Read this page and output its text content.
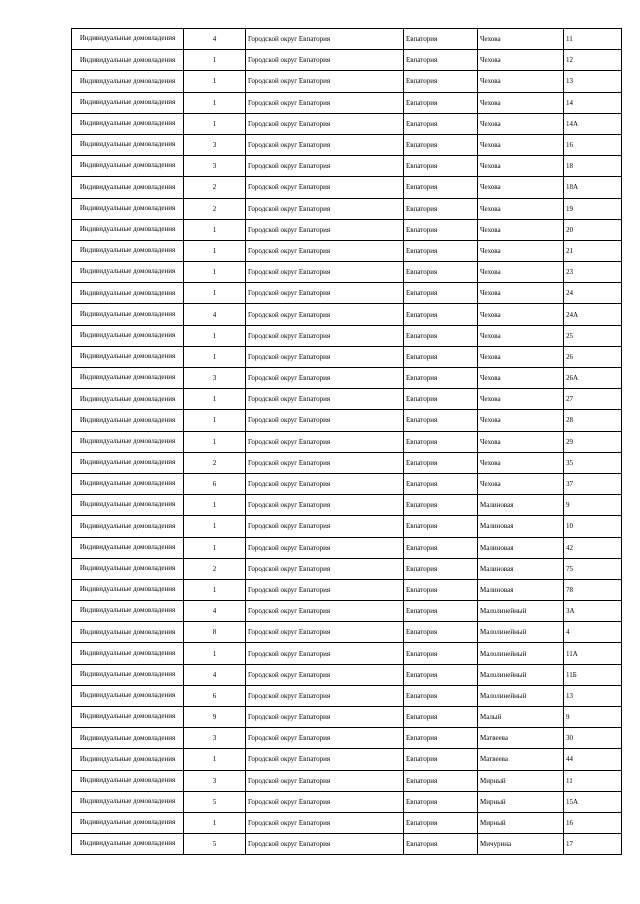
Индивидуальные домовладения	4	Городской округ Евпатория	Евпатория	Чехова	11
Индивидуальные домовладения	1	Городской округ Евпатория	Евпатория	Чехова	12
Индивидуальные домовладения	1	Городской округ Евпатория	Евпатория	Чехова	13
Индивидуальные домовладения	1	Городской округ Евпатория	Евпатория	Чехова	14
Индивидуальные домовладения	1	Городской округ Евпатория	Евпатория	Чехова	14А
Индивидуальные домовладения	3	Городской округ Евпатория	Евпатория	Чехова	16
Индивидуальные домовладения	3	Городской округ Евпатория	Евпатория	Чехова	18
Индивидуальные домовладения	2	Городской округ Евпатория	Евпатория	Чехова	18А
Индивидуальные домовладения	2	Городской округ Евпатория	Евпатория	Чехова	19
Индивидуальные домовладения	1	Городской округ Евпатория	Евпатория	Чехова	20
Индивидуальные домовладения	1	Городской округ Евпатория	Евпатория	Чехова	21
Индивидуальные домовладения	1	Городской округ Евпатория	Евпатория	Чехова	23
Индивидуальные домовладения	1	Городской округ Евпатория	Евпатория	Чехова	24
Индивидуальные домовладения	4	Городской округ Евпатория	Евпатория	Чехова	24А
Индивидуальные домовладения	1	Городской округ Евпатория	Евпатория	Чехова	25
Индивидуальные домовладения	1	Городской округ Евпатория	Евпатория	Чехова	26
Индивидуальные домовладения	3	Городской округ Евпатория	Евпатория	Чехова	26А
Индивидуальные домовладения	1	Городской округ Евпатория	Евпатория	Чехова	27
Индивидуальные домовладения	1	Городской округ Евпатория	Евпатория	Чехова	28
Индивидуальные домовладения	1	Городской округ Евпатория	Евпатория	Чехова	29
Индивидуальные домовладения	2	Городской округ Евпатория	Евпатория	Чехова	35
Индивидуальные домовладения	6	Городской округ Евпатория	Евпатория	Чехова	37
Индивидуальные домовладения	1	Городской округ Евпатория	Евпатория	Малиновая	9
Индивидуальные домовладения	1	Городской округ Евпатория	Евпатория	Малиновая	10
Индивидуальные домовладения	1	Городской округ Евпатория	Евпатория	Малиновая	42
Индивидуальные домовладения	2	Городской округ Евпатория	Евпатория	Малиновая	75
Индивидуальные домовладения	1	Городской округ Евпатория	Евпатория	Малиновая	78
Индивидуальные домовладения	4	Городской округ Евпатория	Евпатория	Малолинейный	3А
Индивидуальные домовладения	8	Городской округ Евпатория	Евпатория	Малолинейный	4
Индивидуальные домовладения	1	Городской округ Евпатория	Евпатория	Малолинейный	11А
Индивидуальные домовладения	4	Городской округ Евпатория	Евпатория	Малолинейный	11Б
Индивидуальные домовладения	6	Городской округ Евпатория	Евпатория	Малолинейный	13
Индивидуальные домовладения	9	Городской округ Евпатория	Евпатория	Малый	9
Индивидуальные домовладения	3	Городской округ Евпатория	Евпатория	Матвеева	30
Индивидуальные домовладения	1	Городской округ Евпатория	Евпатория	Матвеева	44
Индивидуальные домовладения	3	Городской округ Евпатория	Евпатория	Мирный	11
Индивидуальные домовладения	5	Городской округ Евпатория	Евпатория	Мирный	15А
Индивидуальные домовладения	1	Городской округ Евпатория	Евпатория	Мирный	16
Индивидуальные домовладения	5	Городской округ Евпатория	Евпатория	Мичурина	17
